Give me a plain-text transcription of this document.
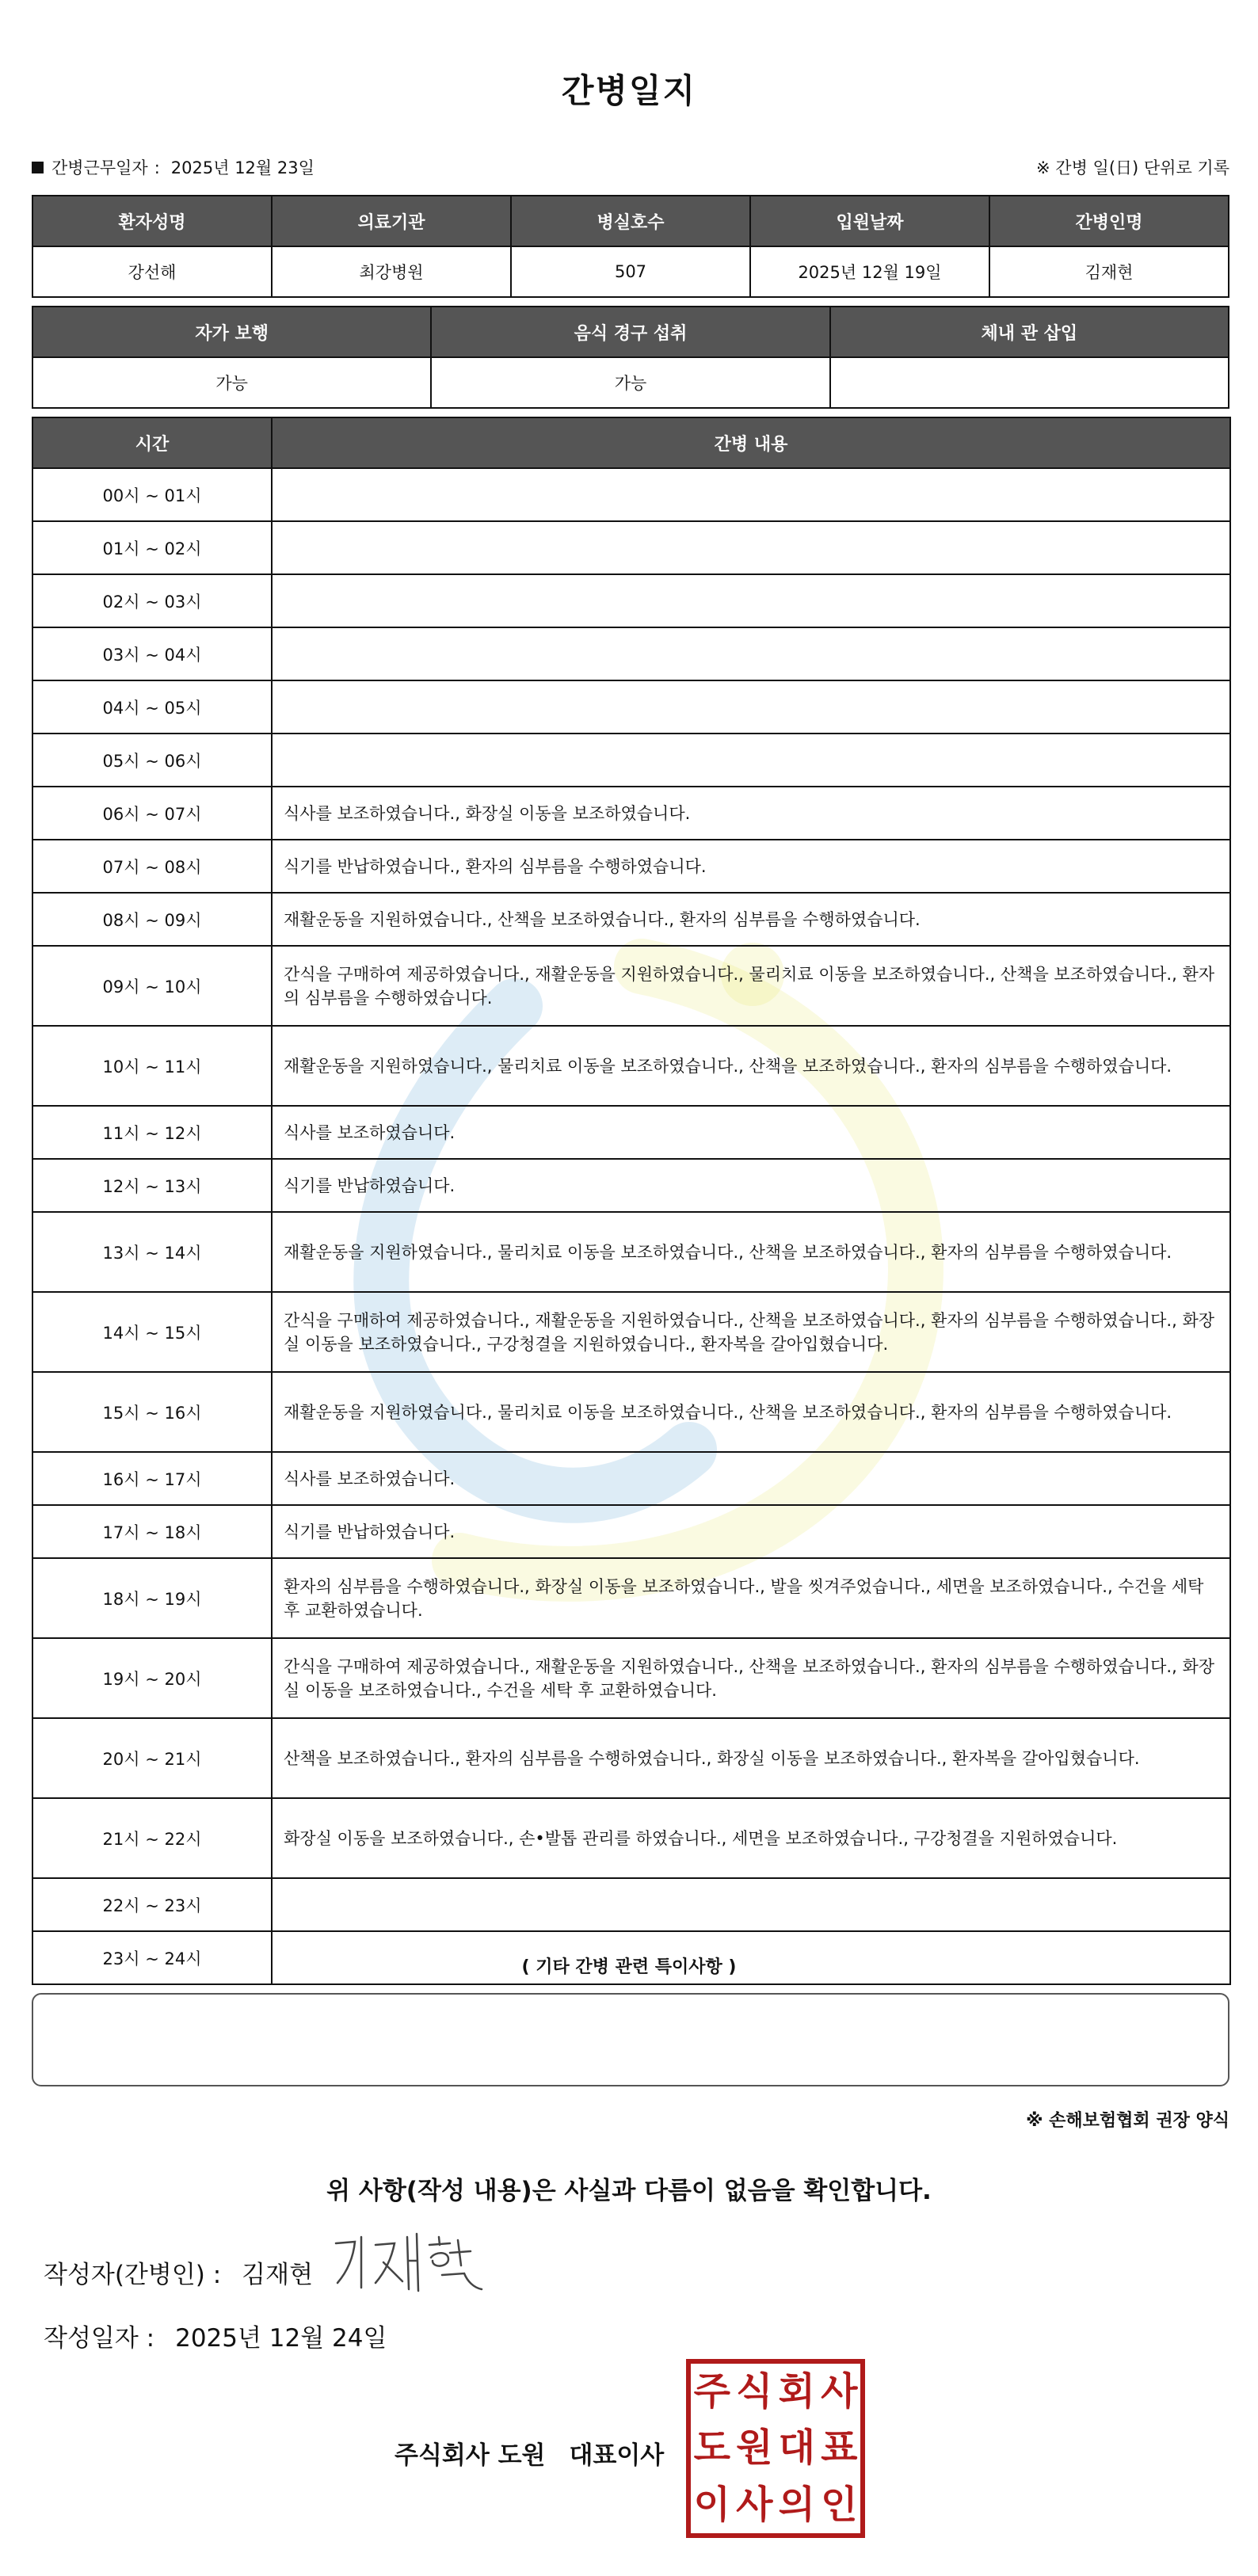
간병일지
간병근무일자 : 2025년 12월 23일	※ 간병 일(日) 단위로 기록
환자성명	의료기관	병실호수	입원날짜	간병인명
강선해	최강병원	507	2025년 12월 19일	김재현
자가 보행	음식 경구 섭취	체내 관 삽입
가능	가능	
시간	간병 내용
00시 ~ 01시	
01시 ~ 02시	
02시 ~ 03시	
03시 ~ 04시	
04시 ~ 05시	
05시 ~ 06시	
06시 ~ 07시	식사를 보조하였습니다., 화장실 이동을 보조하였습니다.
07시 ~ 08시	식기를 반납하였습니다., 환자의 심부름을 수행하였습니다.
08시 ~ 09시	재활운동을 지원하였습니다., 산책을 보조하였습니다., 환자의 심부름을 수행하였습니다.
09시 ~ 10시	간식을 구매하여 제공하였습니다., 재활운동을 지원하였습니다., 물리치료 이동을 보조하였습니다., 산책을 보조하였습니다., 환자의 심부름을 수행하였습니다.
10시 ~ 11시	재활운동을 지원하였습니다., 물리치료 이동을 보조하였습니다., 산책을 보조하였습니다., 환자의 심부름을 수행하였습니다.
11시 ~ 12시	식사를 보조하였습니다.
12시 ~ 13시	식기를 반납하였습니다.
13시 ~ 14시	재활운동을 지원하였습니다., 물리치료 이동을 보조하였습니다., 산책을 보조하였습니다., 환자의 심부름을 수행하였습니다.
14시 ~ 15시	간식을 구매하여 제공하였습니다., 재활운동을 지원하였습니다., 산책을 보조하였습니다., 환자의 심부름을 수행하였습니다., 화장실 이동을 보조하였습니다., 구강청결을 지원하였습니다., 환자복을 갈아입혔습니다.
15시 ~ 16시	재활운동을 지원하였습니다., 물리치료 이동을 보조하였습니다., 산책을 보조하였습니다., 환자의 심부름을 수행하였습니다.
16시 ~ 17시	식사를 보조하였습니다.
17시 ~ 18시	식기를 반납하였습니다.
18시 ~ 19시	환자의 심부름을 수행하였습니다., 화장실 이동을 보조하였습니다., 발을 씻겨주었습니다., 세면을 보조하였습니다., 수건을 세탁 후 교환하였습니다.
19시 ~ 20시	간식을 구매하여 제공하였습니다., 재활운동을 지원하였습니다., 산책을 보조하였습니다., 환자의 심부름을 수행하였습니다., 화장실 이동을 보조하였습니다., 수건을 세탁 후 교환하였습니다.
20시 ~ 21시	산책을 보조하였습니다., 환자의 심부름을 수행하였습니다., 화장실 이동을 보조하였습니다., 환자복을 갈아입혔습니다.
21시 ~ 22시	화장실 이동을 보조하였습니다., 손•발톱 관리를 하였습니다., 세면을 보조하였습니다., 구강청결을 지원하였습니다.
22시 ~ 23시	
23시 ~ 24시		( 기타 간병 관련 특이사항 )
※ 손해보험협회 권장 양식
위 사항(작성 내용)은 사실과 다름이 없음을 확인합니다.
작성자(간병인) : 김재현
작성일자 : 2025년 12월 24일
주식회사 도원 대표이사
주 식 회 사
도 원 대 표
이 사 의 인
